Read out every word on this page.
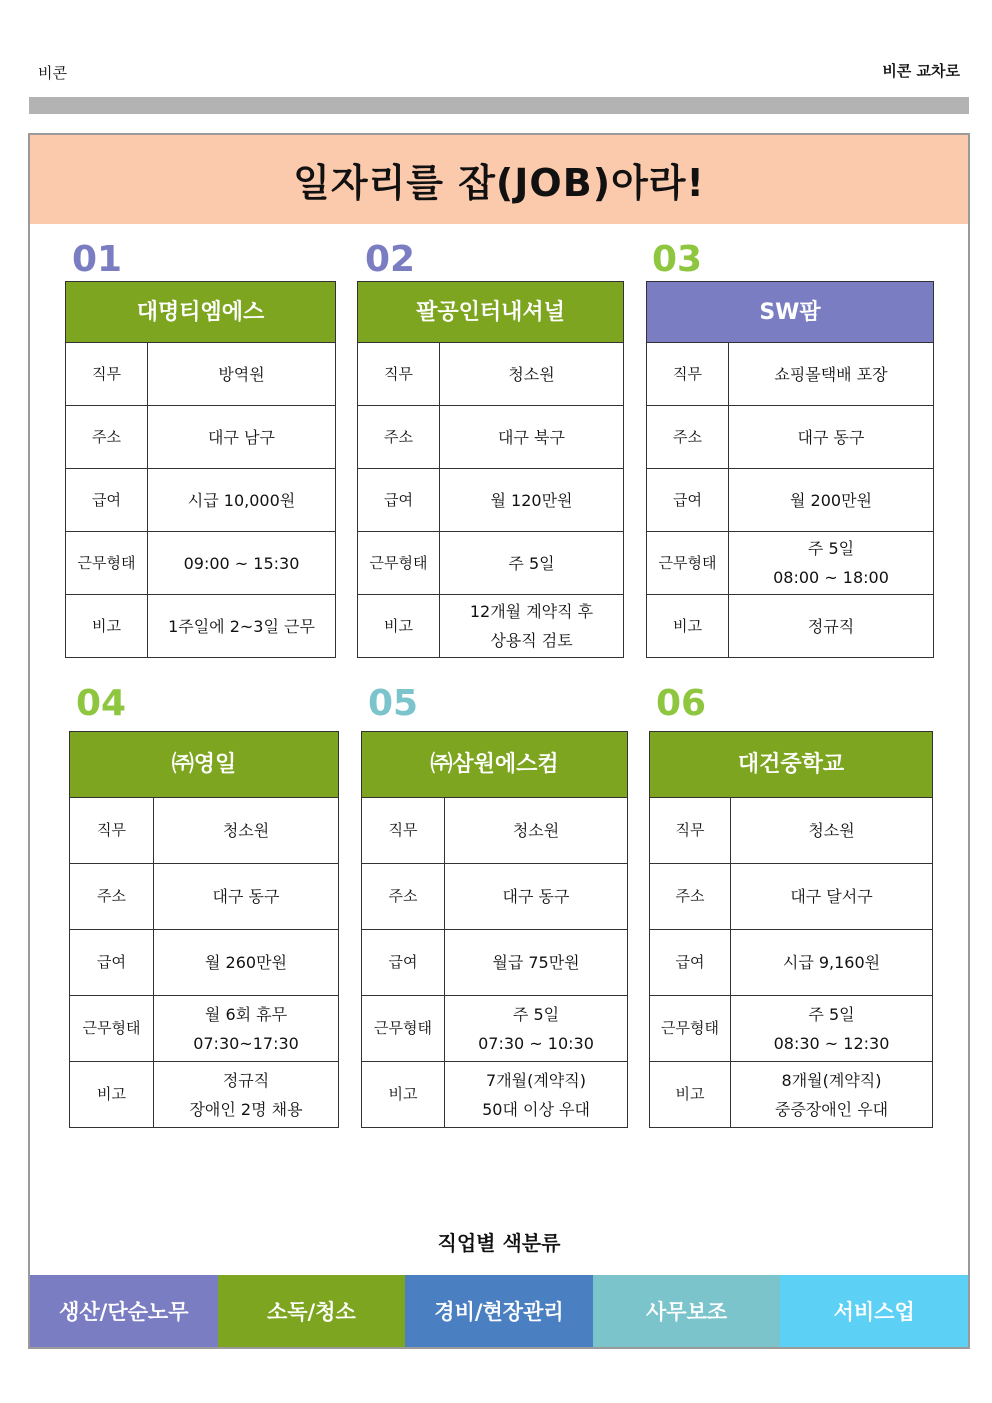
비콘	비콘 교차로
일자리를 잡(JOB)아라!
01
대명티엠에스	
직무	방역원
주소	대구 남구
급여	시급 10,000원
근무형태	09:00 ~ 15:30
비고	1주일에 2~3일 근무
02
팔공인터내셔널	
직무	청소원
주소	대구 북구
급여	월 120만원
근무형태	주 5일
비고	12개월 계약직 후
상용직 검토
03
SW팜	
직무	쇼핑몰택배 포장
주소	대구 동구
급여	월 200만원
근무형태	주 5일
08:00 ~ 18:00
비고	정규직
04
㈜영일	
직무	청소원
주소	대구 동구
급여	월 260만원
근무형태	월 6회 휴무
07:30~17:30
비고	정규직
장애인 2명 채용
05
㈜삼원에스컴	
직무	청소원
주소	대구 동구
급여	월급 75만원
근무형태	주 5일
07:30 ~ 10:30
비고	7개월(계약직)
50대 이상 우대
06
대건중학교	
직무	청소원
주소	대구 달서구
급여	시급 9,160원
근무형태	주 5일
08:30 ~ 12:30
비고	8개월(계약직)
중증장애인 우대
직업별 색분류
생산/단순노무	소독/청소	경비/현장관리	사무보조	서비스업
